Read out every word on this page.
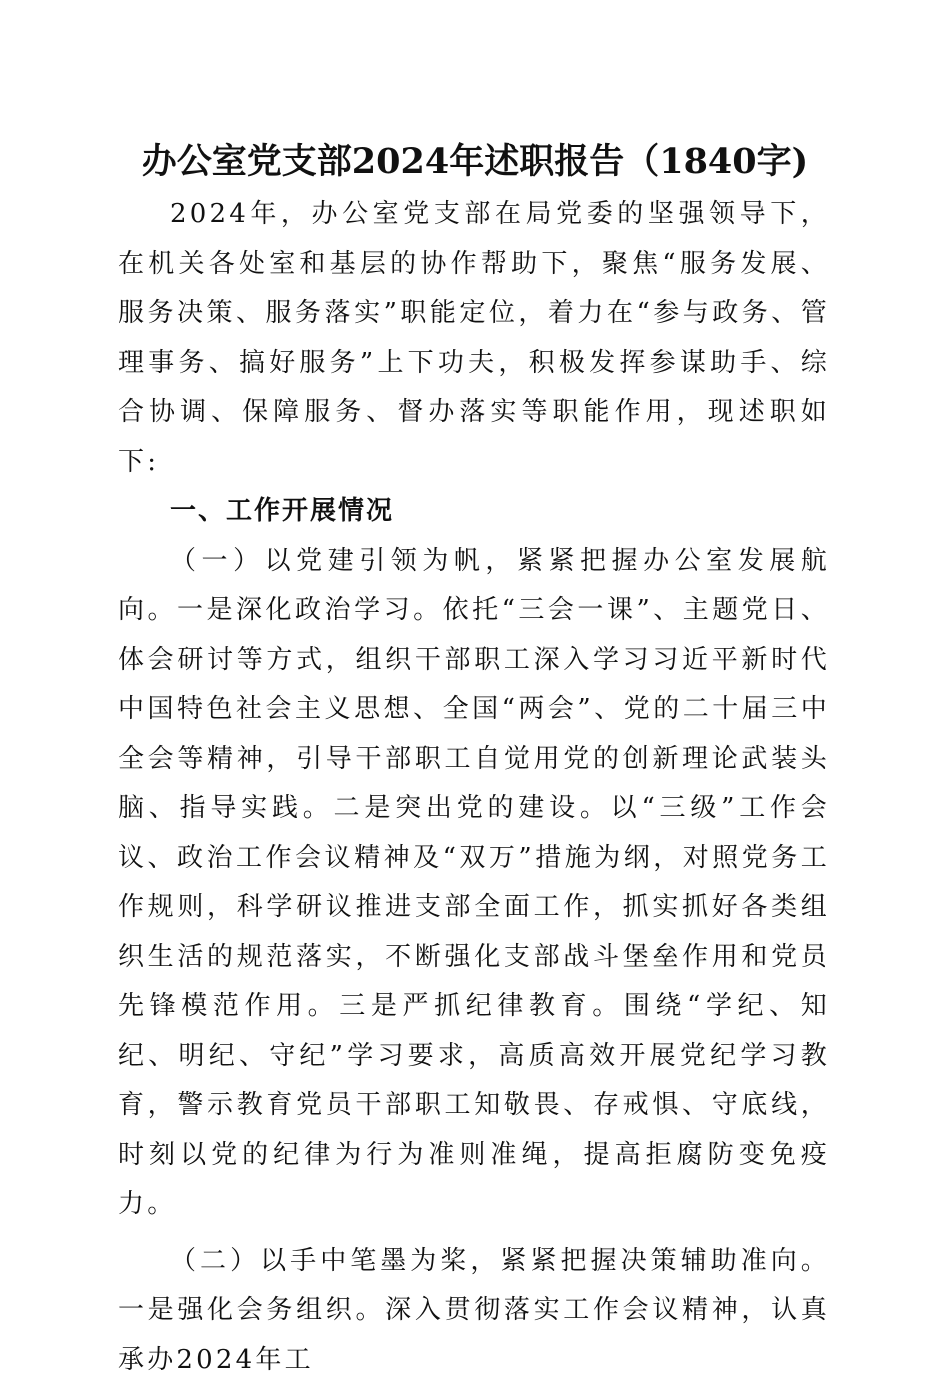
办公室党支部2024年述职报告（1840字)

2024年，办公室党支部在局党委的坚强领导下，在机关各处室和基层的协作帮助下，聚焦“服务发展、服务决策、服务落实”职能定位，着力在“参与政务、管理事务、搞好服务”上下功夫，积极发挥参谋助手、综合协调、保障服务、督办落实等职能作用，现述职如下:

一、工作开展情况

（一）以党建引领为帆，紧紧把握办公室发展航向。一是深化政治学习。依托“三会一课”、主题党日、体会研讨等方式，组织干部职工深入学习习近平新时代中国特色社会主义思想、全国“两会”、党的二十届三中全会等精神，引导干部职工自觉用党的创新理论武装头脑、指导实践。二是突出党的建设。以“三级”工作会议、政治工作会议精神及“双万”措施为纲，对照党务工作规则，科学研议推进支部全面工作，抓实抓好各类组织生活的规范落实，不断强化支部战斗堡垒作用和党员先锋模范作用。三是严抓纪律教育。围绕“学纪、知纪、明纪、守纪”学习要求，高质高效开展党纪学习教育，警示教育党员干部职工知敬畏、存戒惧、守底线，时刻以党的纪律为行为准则准绳，提高拒腐防变免疫力。

（二）以手中笔墨为桨，紧紧把握决策辅助准向。一是强化会务组织。深入贯彻落实工作会议精神，认真承办2024年工
